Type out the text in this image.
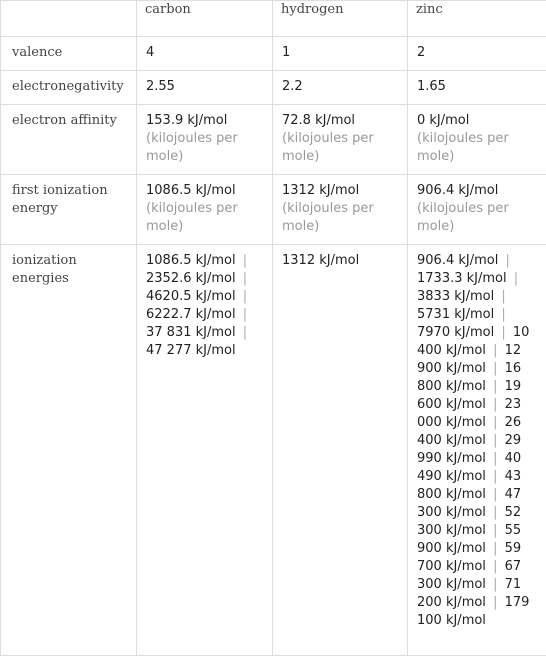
	carbon	hydrogen	zinc
valence	4	1	2
electronegativity	2.55	2.2	1.65
electron affinity	153.9 kJ/mol (kilojoules per mole)	72.8 kJ/mol (kilojoules per mole)	0 kJ/mol (kilojoules per mole)
first ionization energy	1086.5 kJ/mol (kilojoules per mole)	1312 kJ/mol (kilojoules per mole)	906.4 kJ/mol (kilojoules per mole)
ionization energies	1086.5 kJ/mol | 2352.6 kJ/mol | 4620.5 kJ/mol | 6222.7 kJ/mol | 37 831 kJ/mol | 47 277 kJ/mol	1312 kJ/mol	906.4 kJ/mol | 1733.3 kJ/mol | 3833 kJ/mol | 5731 kJ/mol | 7970 kJ/mol | 10 400 kJ/mol | 12 900 kJ/mol | 16 800 kJ/mol | 19 600 kJ/mol | 23 000 kJ/mol | 26 400 kJ/mol | 29 990 kJ/mol | 40 490 kJ/mol | 43 800 kJ/mol | 47 300 kJ/mol | 52 300 kJ/mol | 55 900 kJ/mol | 59 700 kJ/mol | 67 300 kJ/mol | 71 200 kJ/mol | 179 100 kJ/mol
